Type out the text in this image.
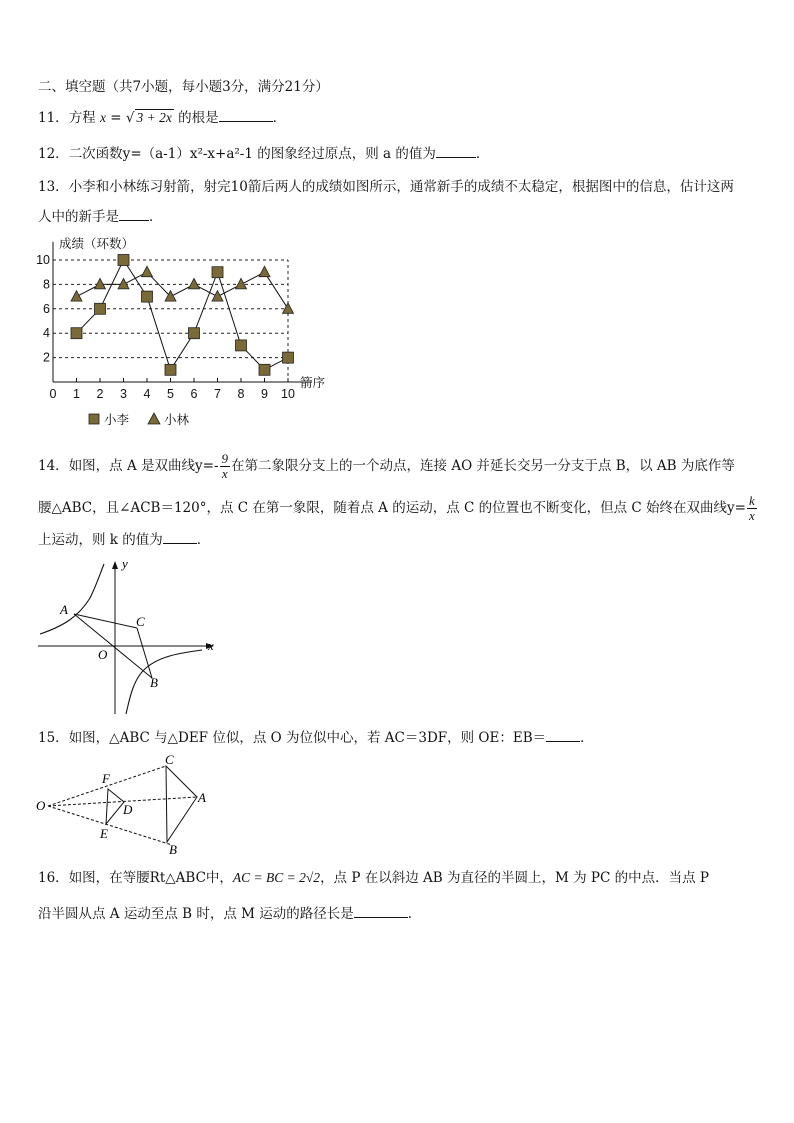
二、填空题（共7小题，每小题3分，满分21分）
11．方程 x = √ 3 + 2x 的根是	．
12．二次函数y=（a-1）x²-x+a²-1 的图象经过原点，则 a 的值为	．
13．小李和小林练习射箭，射完10箭后两人的成绩如图所示，通常新手的成绩不太稳定，根据图中的信息，估计这两
人中的新手是 ．
0 1 2 3 4 5 6 7 8 9 10
2
4
6
8
10
成绩（环数）
箭序
小李	小林
14．如图，点 A 是双曲线$y=- \frac{9}{x}$ 在第二象限分支上的一个动点，连接 AO 并延长交另一分支于点 B，以 AB 为底作等
腰△ABC，且∠ACB＝120°，点 C 在第一象限，随着点 A 的运动，点 C 的位置也不断变化，但点 C 始终在双曲线$y= \frac{k}{x}$
上运动，则 k 的值为	．
y
x
A
C
O
B
15．如图，△ABC 与△DEF 位似，点 O 为位似中心，若 AC＝3DF，则 OE：EB＝	．
O
F
D
E
C
A
B
16．如图，在等腰Rt△ABC中，AC = BC = 2√2，点 P 在以斜边 AB 为直径的半圆上，M 为 PC 的中点．当点 P
沿半圆从点 A 运动至点 B 时，点 M 运动的路径长是	．
